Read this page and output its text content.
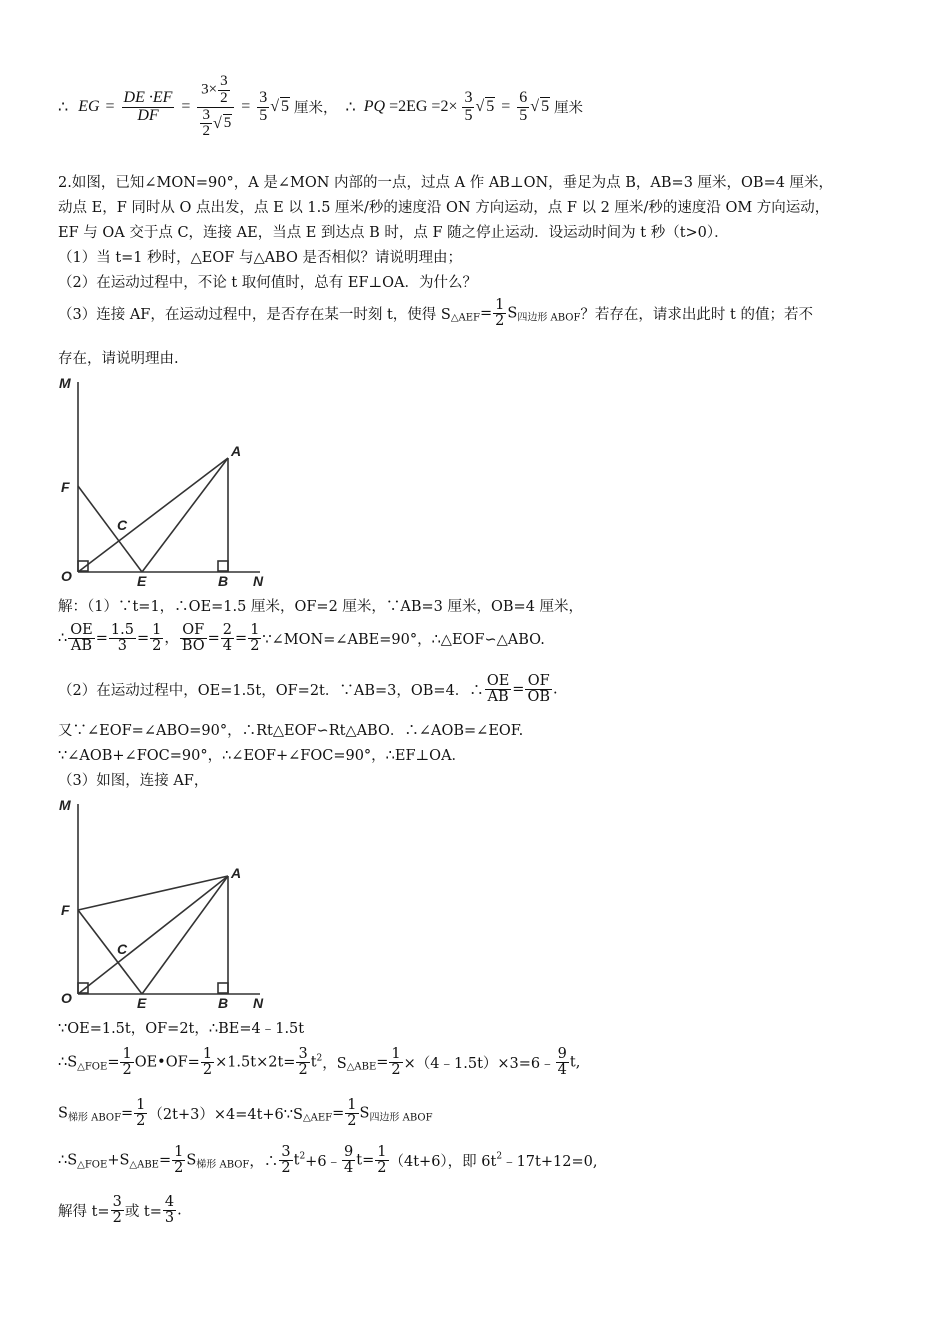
∴ EG = $\frac{DE \cdot EF}{DF} = \frac{3\times \frac{3}{2}}{\frac{3}{2} √ 5} = \frac{3}{5}$ √ 5 厘米， ∴ PQ $=2EG =2\times \frac{3}{5}$ √ $5 = \frac{6}{5}$ √ 5 厘米
2.如图，已知∠MON=90°，A 是∠MON 内部的一点，过点 A 作 AB⊥ON，垂足为点 B，AB=3 厘米，OB=4 厘米，
动点 E，F 同时从 O 点出发，点 E 以 1.5 厘米/秒的速度沿 ON 方向运动，点 F 以 2 厘米/秒的速度沿 OM 方向运动，
EF 与 OA 交于点 C，连接 AE，当点 E 到达点 B 时，点 F 随之停止运动．设运动时间为 t 秒（t>0）．
（1）当 t=1 秒时，△EOF 与△ABO 是否相似？请说明理由；
（2）在运动过程中，不论 t 取何值时，总有 EF⊥OA．为什么？
（3）连接 AF，在运动过程中，是否存在某一时刻 t，使得 $S_{\triangle AEF}= \frac{1}{2} S_{四边形 ABOF}$？若存在，请求出此时 t 的值；若不
存在，请说明理由.
M
F
A
C
O	E	B N
解：（1）∵t=1，∴OE=1.5 厘米，OF=2 厘米，∵AB=3 厘米，OB=4 厘米，
∴ $\frac{OE}{AB} = \frac{1.5}{3} = \frac{1}{2}$ ， $\frac{OF}{BO} = \frac{2}{4} = \frac{1}{2}$ ∵∠MON=∠ABE=90°，∴△EOF∽△ABO.
（2）在运动过程中，OE=1.5t，OF=2t．∵AB=3，OB=4．∴ $\frac{OE}{AB} = \frac{OF}{OB}$ .
又∵∠EOF=∠ABO=90°，∴Rt△EOF∽Rt△ABO．∴∠AOB=∠EOF.
∵∠AOB+∠FOC=90°，∴∠EOF+∠FOC=90°，∴EF⊥OA．
（3）如图，连接 AF，
M
F
A
C
O	E	B N
∵OE=1.5t，OF=2t，∴BE=4﹣1.5t
$\therefore S_{\triangle FOE}= \frac{1}{2}$ OE•OF= $\frac{1}{2} \times 1.5t\times 2t= \frac{3}{2} t^2$，$S_{\triangle ABE}= \frac{1}{2}$ ×（4﹣1.5t）×3=6﹣ $\frac{9}{4} t$,
$S_{梯形 ABOF}= \frac{1}{2}$ $(2t+3)\times 4=4t+6\because S_{\triangle AEF}= \frac{1}{2} S_{四边形 ABOF}$
$\therefore S_{\triangle FOE}+S_{\triangle ABE}= \frac{1}{2} S_{梯形 ABOF}$，∴ $\frac{3}{2}$ $t^2+6﹣ \frac{9}{4} t= \frac{1}{2} (4t+6)$，即 $6t^2﹣17t+12=0$,
解得 $t= \frac{3}{2}$ 或 $t= \frac{4}{3}$ .
